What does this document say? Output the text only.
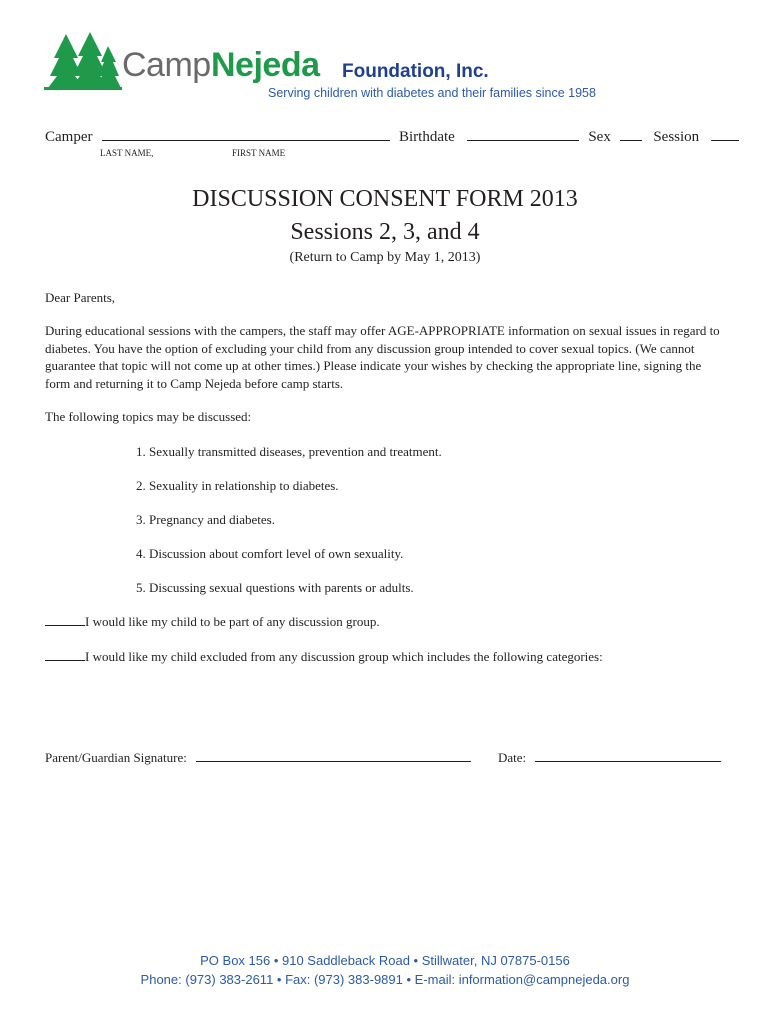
Camp Nejeda Foundation, Inc.
Serving children with diabetes and their families since 1958
Camper	Birthdate	Sex	Session
LAST NAME,	FIRST NAME
DISCUSSION CONSENT FORM 2013
Sessions 2, 3, and 4
(Return to Camp by May 1, 2013)
Dear Parents,
During educational sessions with the campers, the staff may offer AGE-APPROPRIATE information on sexual issues in regard to diabetes. You have the option of excluding your child from any discussion group intended to cover sexual topics. (We cannot guarantee that topic will not come up at other times.) Please indicate your wishes by checking the appropriate line, signing the form and returning it to Camp Nejeda before camp starts.
The following topics may be discussed:
1. Sexually transmitted diseases, prevention and treatment.
2. Sexuality in relationship to diabetes.
3. Pregnancy and diabetes.
4. Discussion about comfort level of own sexuality.
5. Discussing sexual questions with parents or adults.
I would like my child to be part of any discussion group.
I would like my child excluded from any discussion group which includes the following categories:
Parent/Guardian Signature:	Date:
PO Box 156 • 910 Saddleback Road • Stillwater, NJ 07875-0156
Phone: (973) 383-2611 • Fax: (973) 383-9891 • E-mail: information@campnejeda.org
